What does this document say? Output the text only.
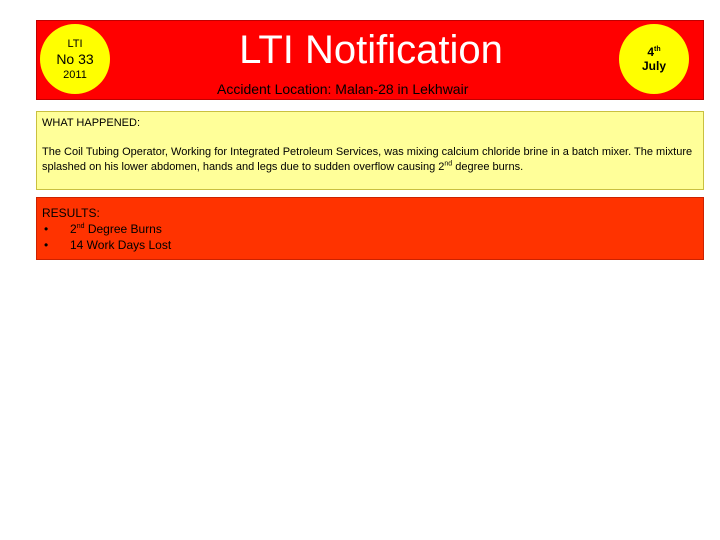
LTI
No 33
2011
LTI Notification
Accident Location: Malan-28 in Lekhwair
4th
July
WHAT HAPPENED:
The Coil Tubing Operator, Working for Integrated Petroleum Services, was mixing calcium chloride brine in a batch mixer. The mixture splashed on his lower abdomen, hands and legs due to sudden overflow causing 2nd degree burns.
RESULTS:
•	2nd Degree Burns
•	14 Work Days Lost
